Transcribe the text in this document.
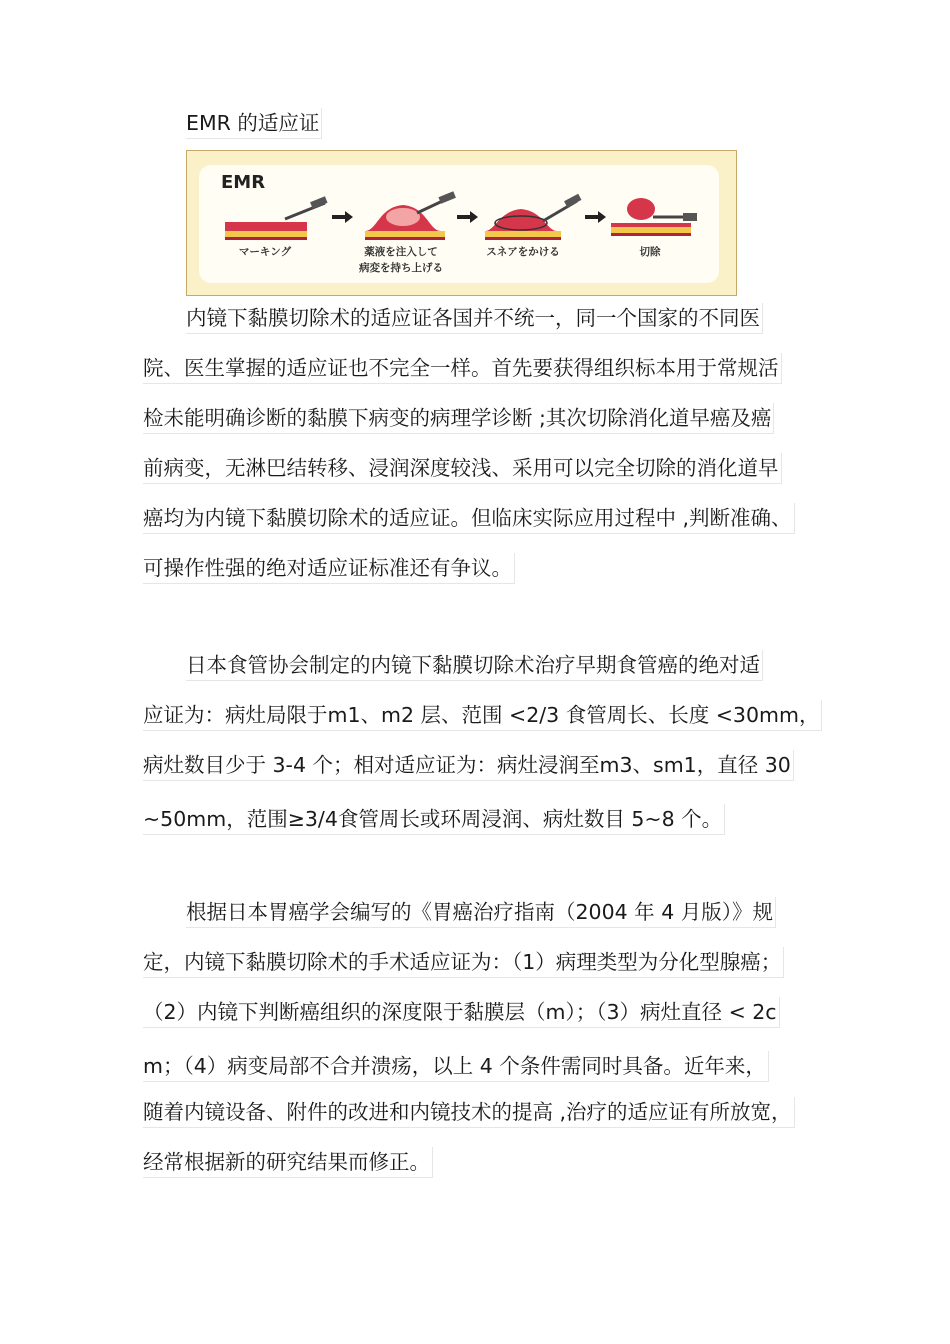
EMR 的适应证
EMR
マーキング	薬液を注入して
病変を持ち上げる
スネアをかける	切除
内镜下黏膜切除术的适应证各国并不统一，同一个国家的不同医
院、医生掌握的适应证也不完全一样。首先要获得组织标本用于常规活
检未能明确诊断的黏膜下病变的病理学诊断 ;其次切除消化道早癌及癌
前病变，无淋巴结转移、浸润深度较浅、采用可以完全切除的消化道早
癌均为内镜下黏膜切除术的适应证。但临床实际应用过程中 ,判断准确、
可操作性强的绝对适应证标准还有争议。
日本食管协会制定的内镜下黏膜切除术治疗早期食管癌的绝对适
应证为：病灶局限于m1、m2 层、范围 <2/3 食管周长、长度 <30mm，
病灶数目少于 3-4 个；相对适应证为：病灶浸润至m3、sm1，直径 30
~50mm，范围≥3/4食管周长或环周浸润、病灶数目 5~8 个。
根据日本胃癌学会编写的《胃癌治疗指南（2004 年 4 月版）》规
定，内镜下黏膜切除术的手术适应证为：（1）病理类型为分化型腺癌；
（2）内镜下判断癌组织的深度限于黏膜层（m）；（3）病灶直径 < 2c
m；（4）病变局部不合并溃疡，以上 4 个条件需同时具备。近年来，
随着内镜设备、附件的改进和内镜技术的提高 ,治疗的适应证有所放宽，
经常根据新的研究结果而修正。
